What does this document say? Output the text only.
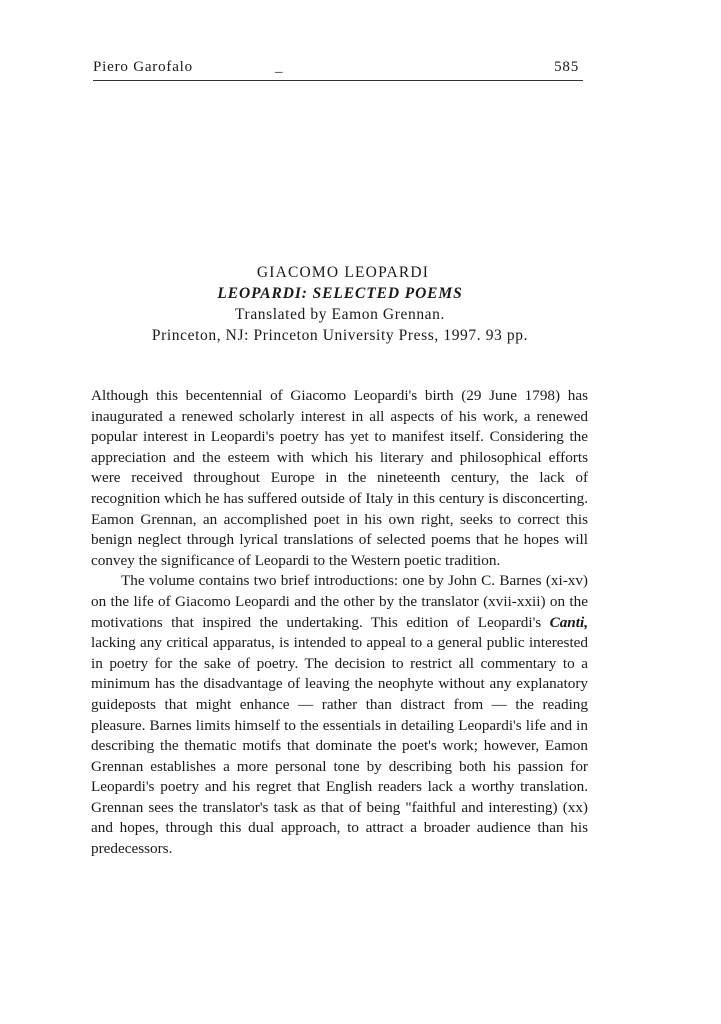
Piero Garofalo	_	585
GIACOMO LEOPARDI
LEOPARDI: SELECTED POEMS
Translated by Eamon Grennan.
Princeton, NJ: Princeton University Press, 1997. 93 pp.

Although this becentennial of Giacomo Leopardi's birth (29 June 1798) has inaugurated a renewed scholarly interest in all aspects of his work, a renewed popular interest in Leopardi's poetry has yet to manifest itself. Considering the appreciation and the esteem with which his literary and philosophical efforts were received throughout Europe in the nineteenth century, the lack of recognition which he has suffered outside of Italy in this century is disconcerting. Eamon Grennan, an accomplished poet in his own right, seeks to correct this benign neglect through lyrical translations of selected poems that he hopes will convey the significance of Leopardi to the Western poetic tradition.

The volume contains two brief introductions: one by John C. Barnes (xi-xv) on the life of Giacomo Leopardi and the other by the translator (xvii-xxii) on the motivations that inspired the undertaking. This edition of Leopardi's Canti, lacking any critical apparatus, is intended to appeal to a general public interested in poetry for the sake of poetry. The decision to restrict all commentary to a minimum has the disadvantage of leaving the neophyte without any explanatory guideposts that might enhance — rather than distract from — the reading pleasure. Barnes limits himself to the essentials in detailing Leopardi's life and in describing the thematic motifs that dominate the poet's work; however, Eamon Grennan establishes a more personal tone by describing both his passion for Leopardi's poetry and his regret that English readers lack a worthy translation. Grennan sees the translator's task as that of being "faithful and interesting) (xx) and hopes, through this dual approach, to attract a broader audience than his predecessors.
